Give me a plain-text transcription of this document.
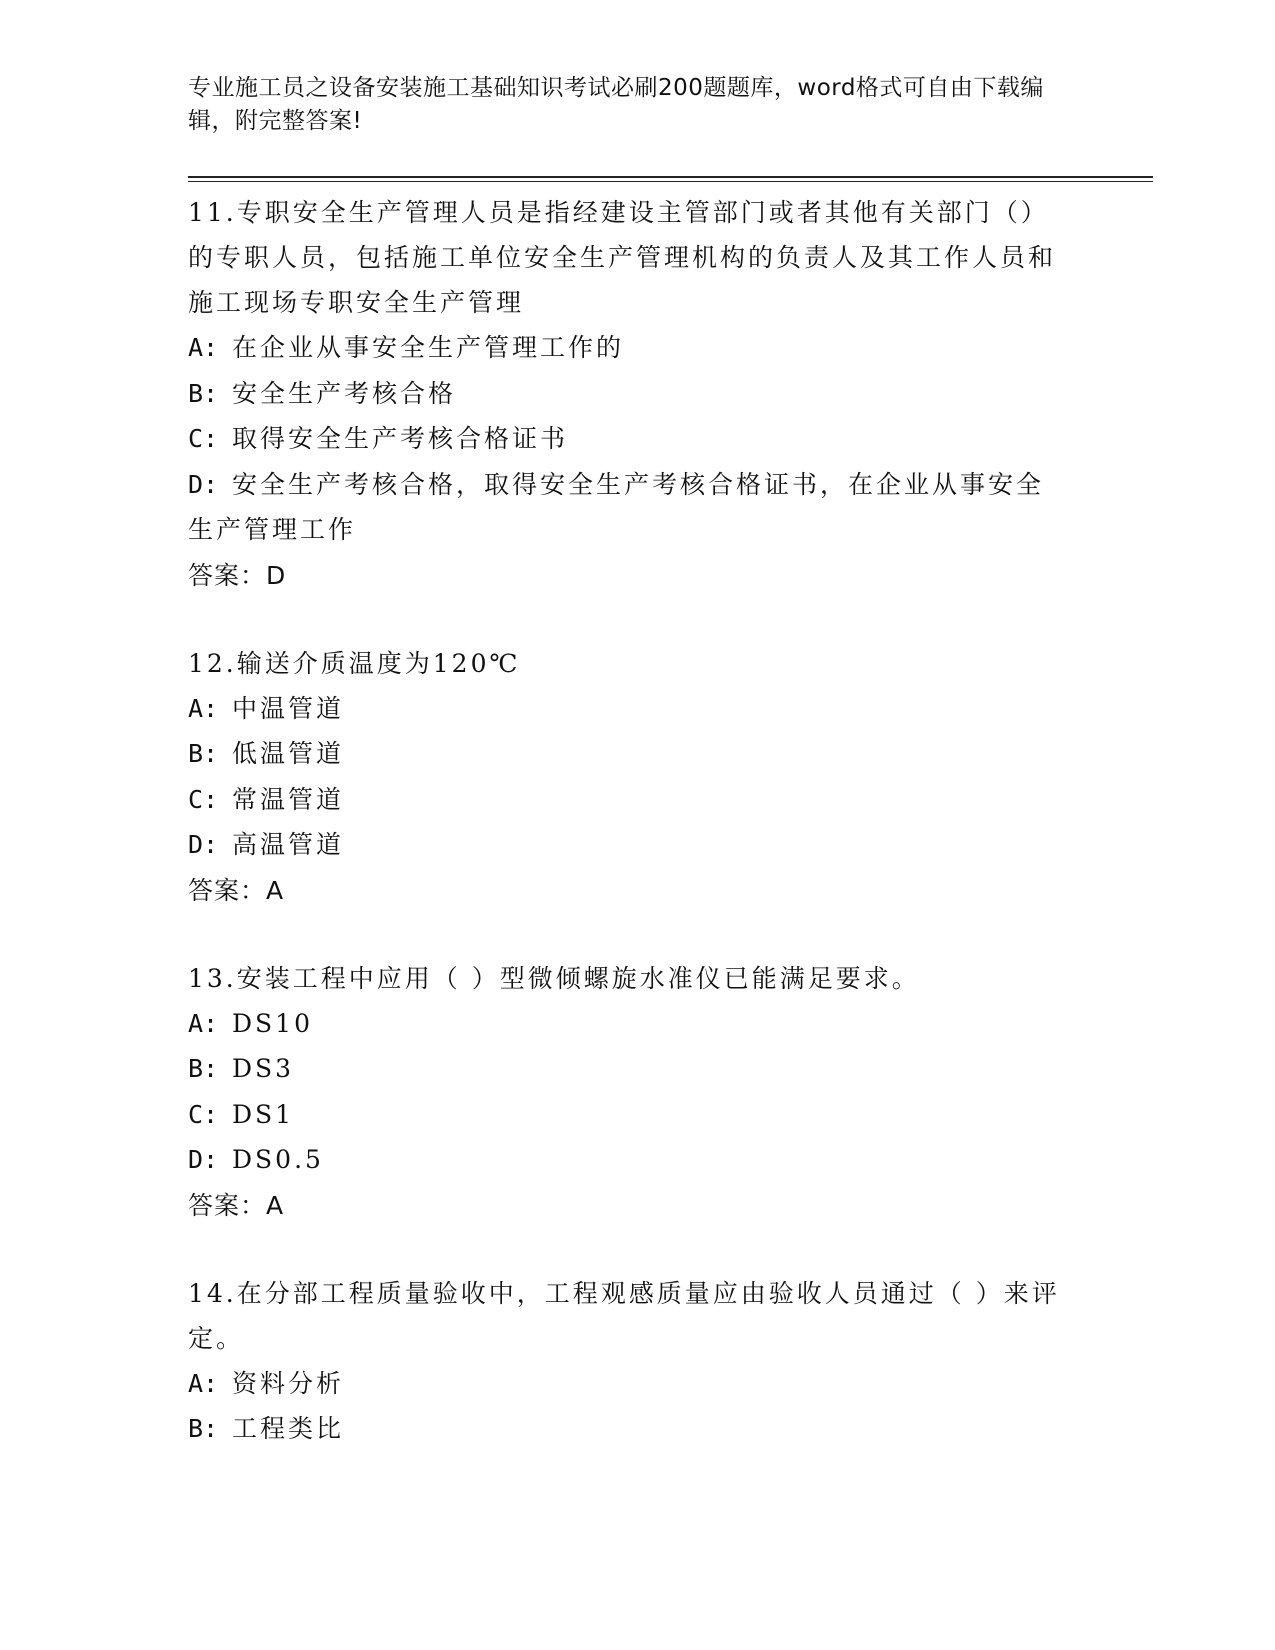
专业施工员之设备安装施工基础知识考试必刷200题题库，word格式可自由下载编辑，附完整答案!

11.专职安全生产管理人员是指经建设主管部门或者其他有关部门（）的专职人员，包括施工单位安全生产管理机构的负责人及其工作人员和施工现场专职安全生产管理

A: 在企业从事安全生产管理工作的

B: 安全生产考核合格

C: 取得安全生产考核合格证书

D: 安全生产考核合格，取得安全生产考核合格证书，在企业从事安全生产管理工作

答案：D

12.输送介质温度为120℃

A: 中温管道

B: 低温管道

C: 常温管道

D: 高温管道

答案：A

13.安装工程中应用（ ）型微倾螺旋水准仪已能满足要求。

A: DS10

B: DS3

C: DS1

D: DS0.5

答案：A

14.在分部工程质量验收中，工程观感质量应由验收人员通过（ ）来评定。

A: 资料分析

B: 工程类比
